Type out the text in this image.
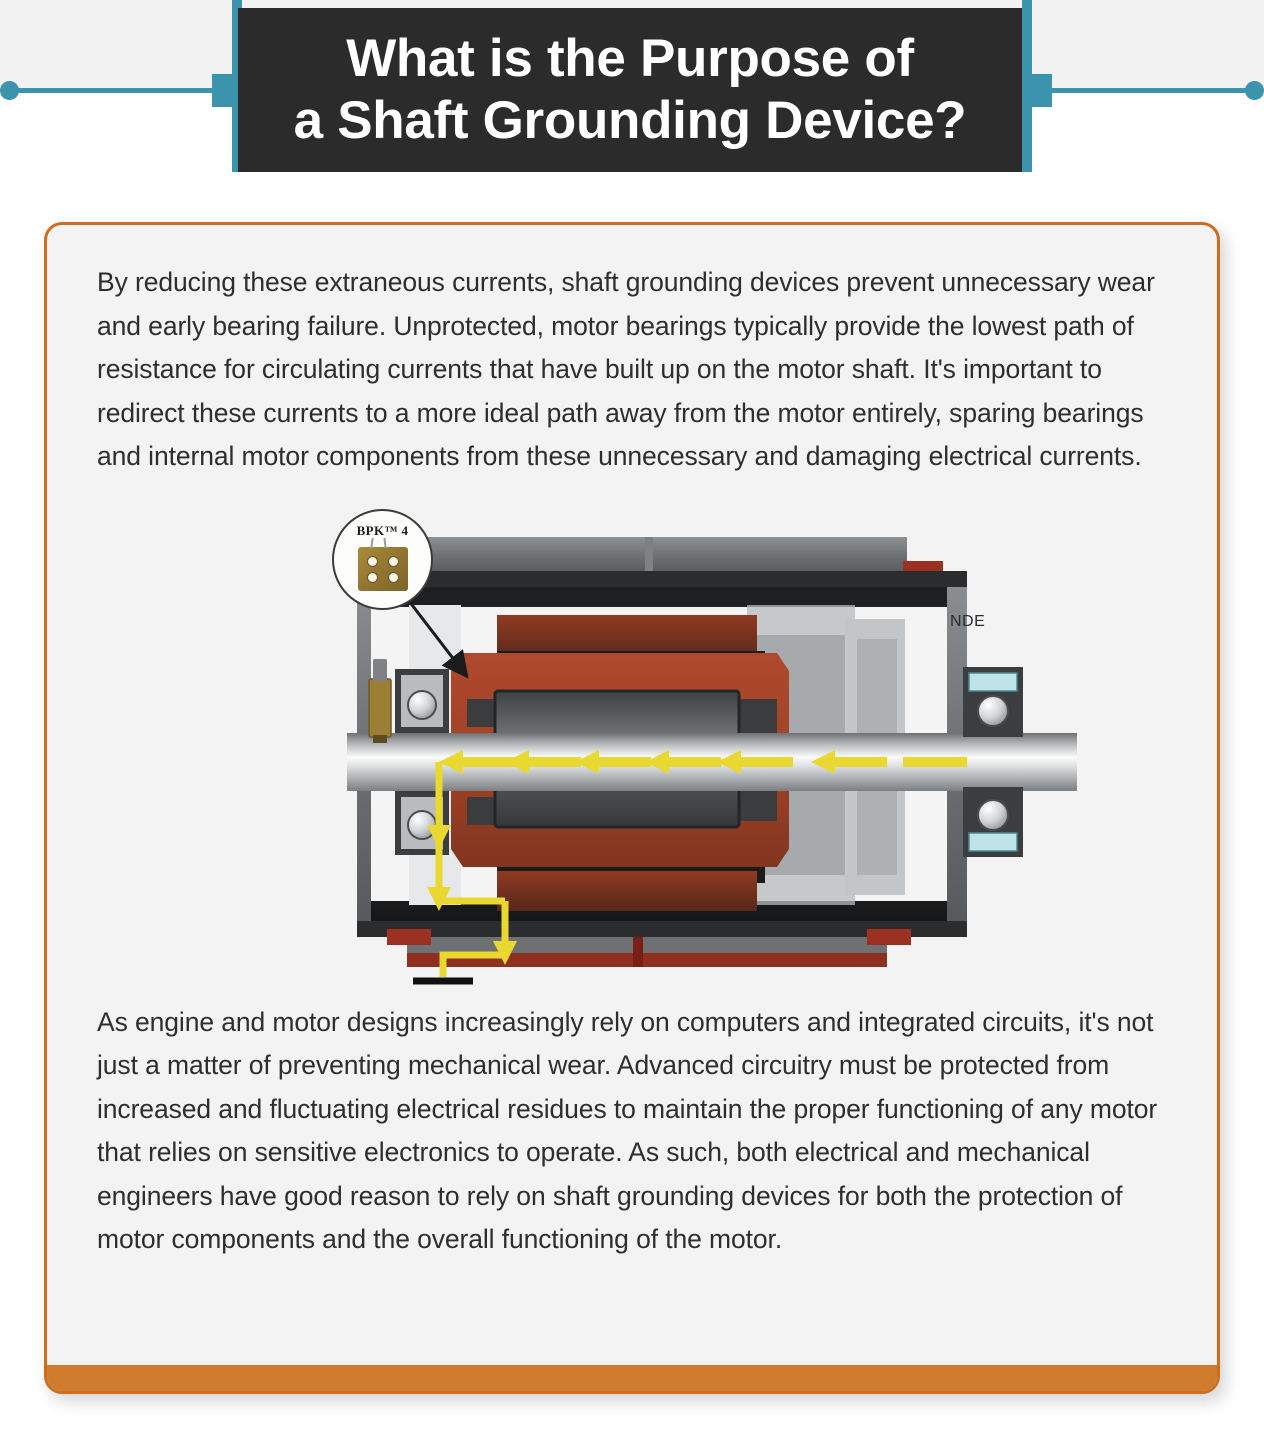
What is the Purpose of
a Shaft Grounding Device?

By reducing these extraneous currents, shaft grounding devices prevent unnecessary wear and early bearing failure. Unprotected, motor bearings typically provide the lowest path of resistance for circulating currents that have built up on the motor shaft. It's important to redirect these currents to a more ideal path away from the motor entirely, sparing bearings and internal motor components from these unnecessary and damaging electrical currents.

BPK™ 4
NDE

As engine and motor designs increasingly rely on computers and integrated circuits, it's not just a matter of preventing mechanical wear. Advanced circuitry must be protected from increased and fluctuating electrical residues to maintain the proper functioning of any motor that relies on sensitive electronics to operate. As such, both electrical and mechanical engineers have good reason to rely on shaft grounding devices for both the protection of motor components and the overall functioning of the motor.
